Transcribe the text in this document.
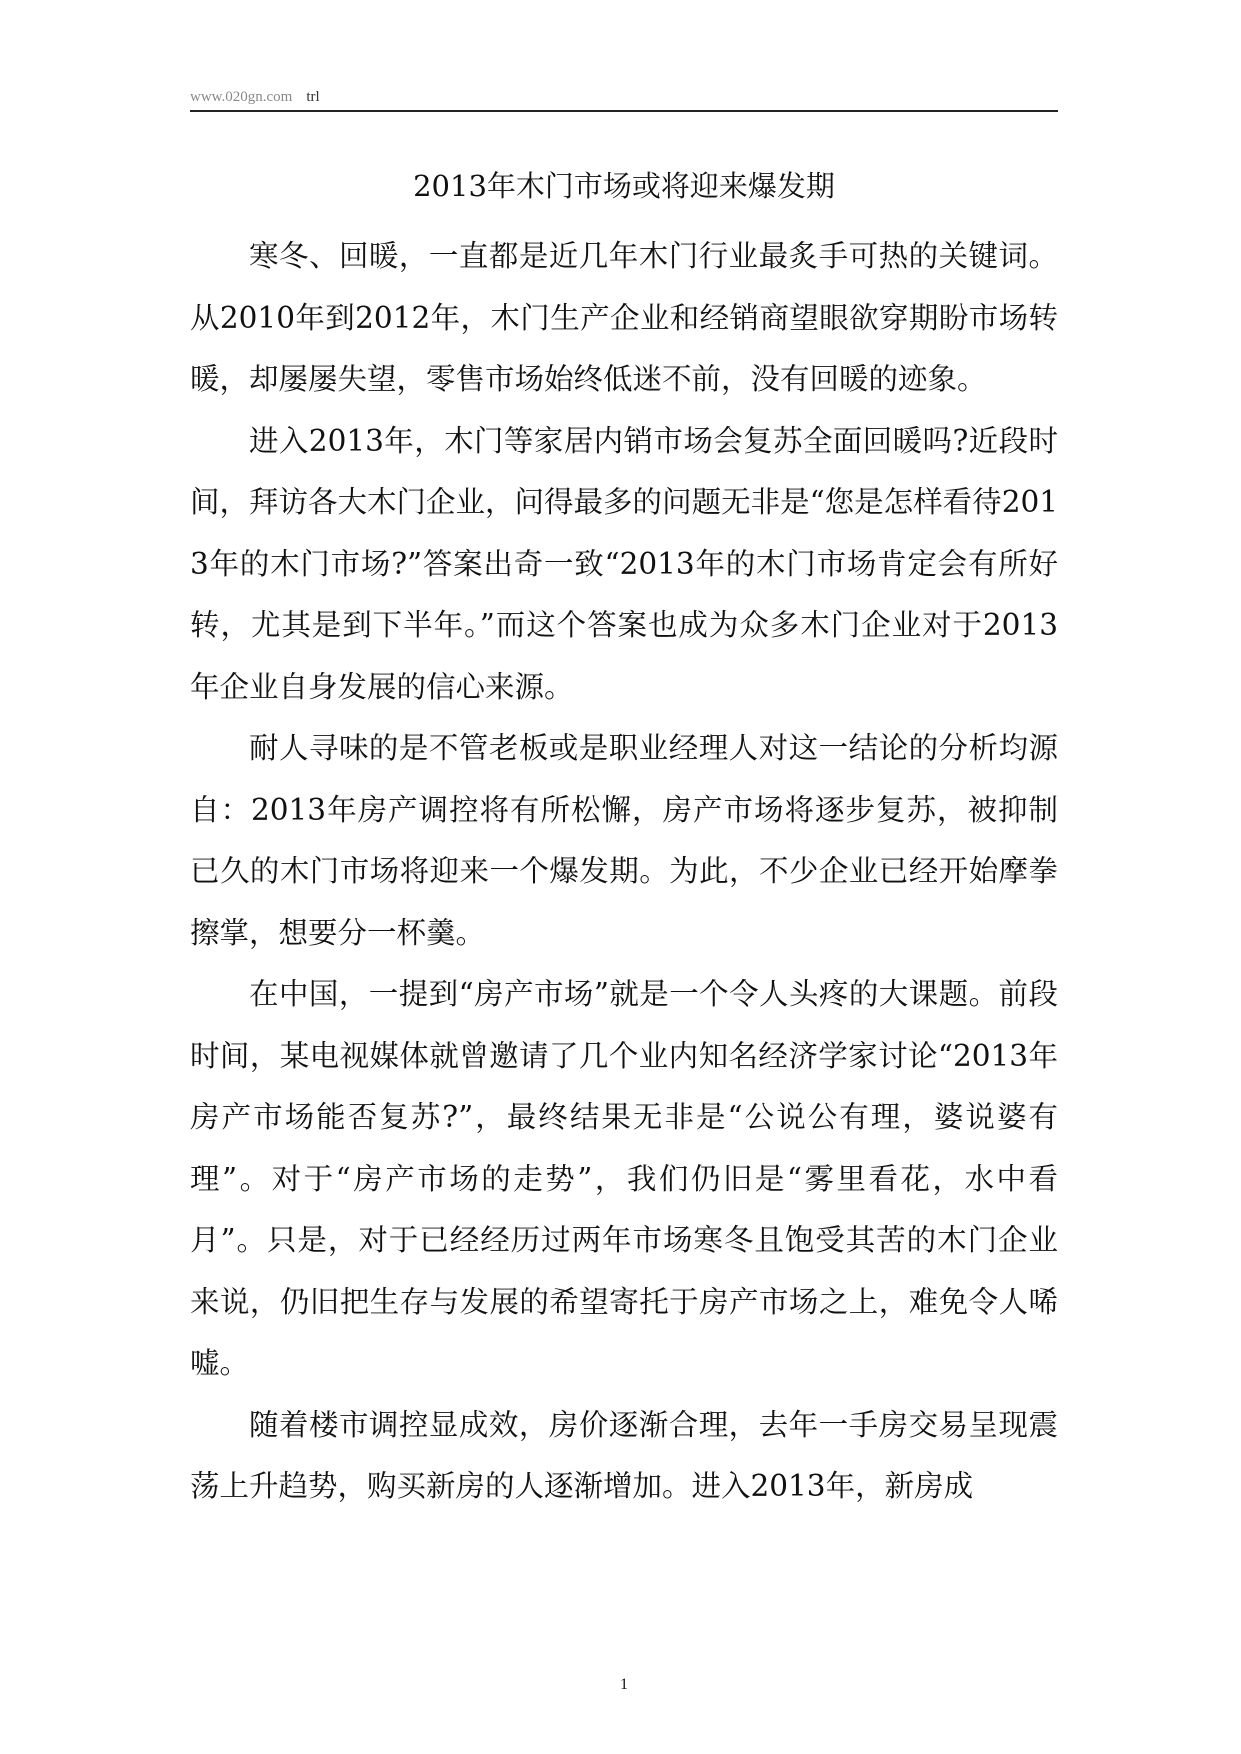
www.020gn.com trl
2013年木门市场或将迎来爆发期

寒冬、回暖，一直都是近几年木门行业最炙手可热的关键词。从2010年到2012年，木门生产企业和经销商望眼欲穿期盼市场转暖，却屡屡失望，零售市场始终低迷不前，没有回暖的迹象。

进入2013年，木门等家居内销市场会复苏全面回暖吗?近段时间，拜访各大木门企业，问得最多的问题无非是“您是怎样看待2013年的木门市场?”答案出奇一致“2013年的木门市场肯定会有所好转，尤其是到下半年。”而这个答案也成为众多木门企业对于2013年企业自身发展的信心来源。

耐人寻味的是不管老板或是职业经理人对这一结论的分析均源自：2013年房产调控将有所松懈，房产市场将逐步复苏，被抑制已久的木门市场将迎来一个爆发期。为此，不少企业已经开始摩拳擦掌，想要分一杯羹。

在中国，一提到“房产市场”就是一个令人头疼的大课题。前段时间，某电视媒体就曾邀请了几个业内知名经济学家讨论“2013年房产市场能否复苏?”，最终结果无非是“公说公有理，婆说婆有理”。对于“房产市场的走势”，我们仍旧是“雾里看花，水中看月”。只是，对于已经经历过两年市场寒冬且饱受其苦的木门企业来说，仍旧把生存与发展的希望寄托于房产市场之上，难免令人唏嘘。

随着楼市调控显成效，房价逐渐合理，去年一手房交易呈现震荡上升趋势，购买新房的人逐渐增加。进入2013年，新房成

1
